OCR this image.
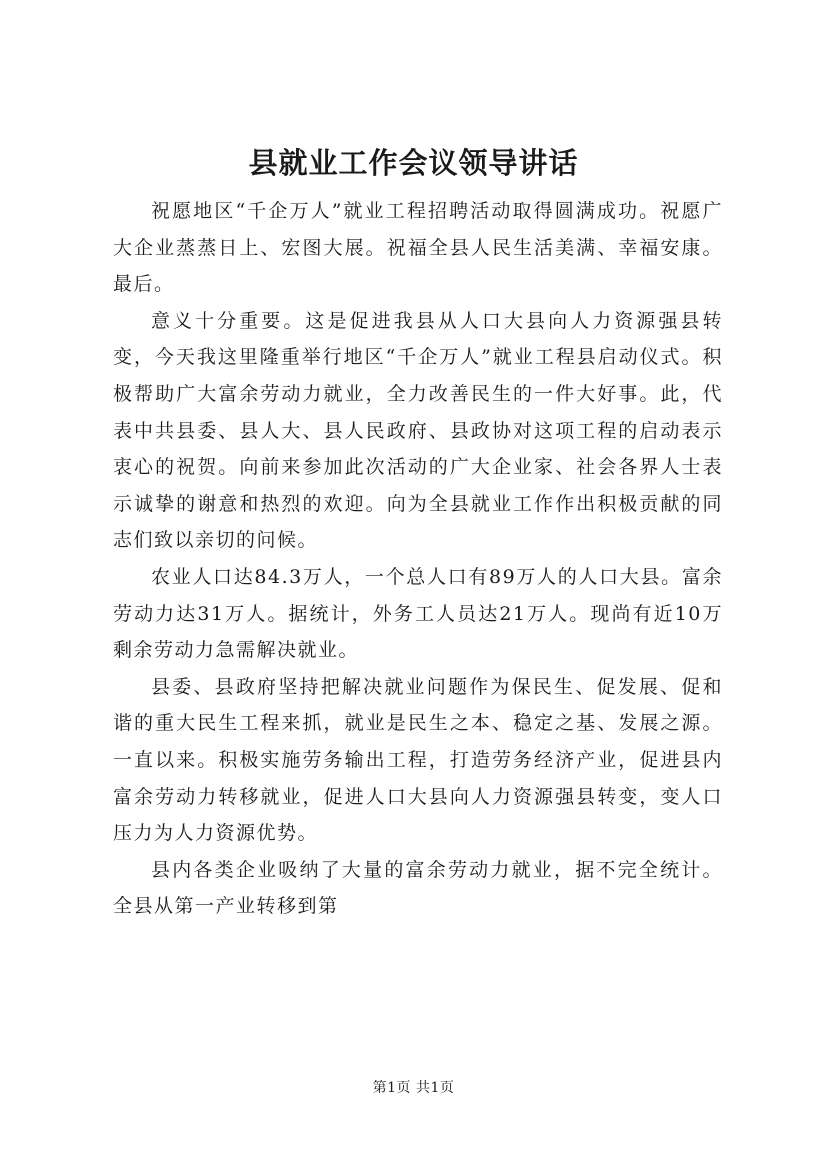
县就业工作会议领导讲话

祝愿地区“千企万人”就业工程招聘活动取得圆满成功。祝愿广大企业蒸蒸日上、宏图大展。祝福全县人民生活美满、幸福安康。最后。

意义十分重要。这是促进我县从人口大县向人力资源强县转变，今天我这里隆重举行地区“千企万人”就业工程县启动仪式。积极帮助广大富余劳动力就业，全力改善民生的一件大好事。此，代表中共县委、县人大、县人民政府、县政协对这项工程的启动表示衷心的祝贺。向前来参加此次活动的广大企业家、社会各界人士表示诚挚的谢意和热烈的欢迎。向为全县就业工作作出积极贡献的同志们致以亲切的问候。

农业人口达84.3万人，一个总人口有89万人的人口大县。富余劳动力达31万人。据统计，外务工人员达21万人。现尚有近10万剩余劳动力急需解决就业。

县委、县政府坚持把解决就业问题作为保民生、促发展、促和谐的重大民生工程来抓，就业是民生之本、稳定之基、发展之源。一直以来。积极实施劳务输出工程，打造劳务经济产业，促进县内富余劳动力转移就业，促进人口大县向人力资源强县转变，变人口压力为人力资源优势。

县内各类企业吸纳了大量的富余劳动力就业，据不完全统计。全县从第一产业转移到第

第1页 共1页
